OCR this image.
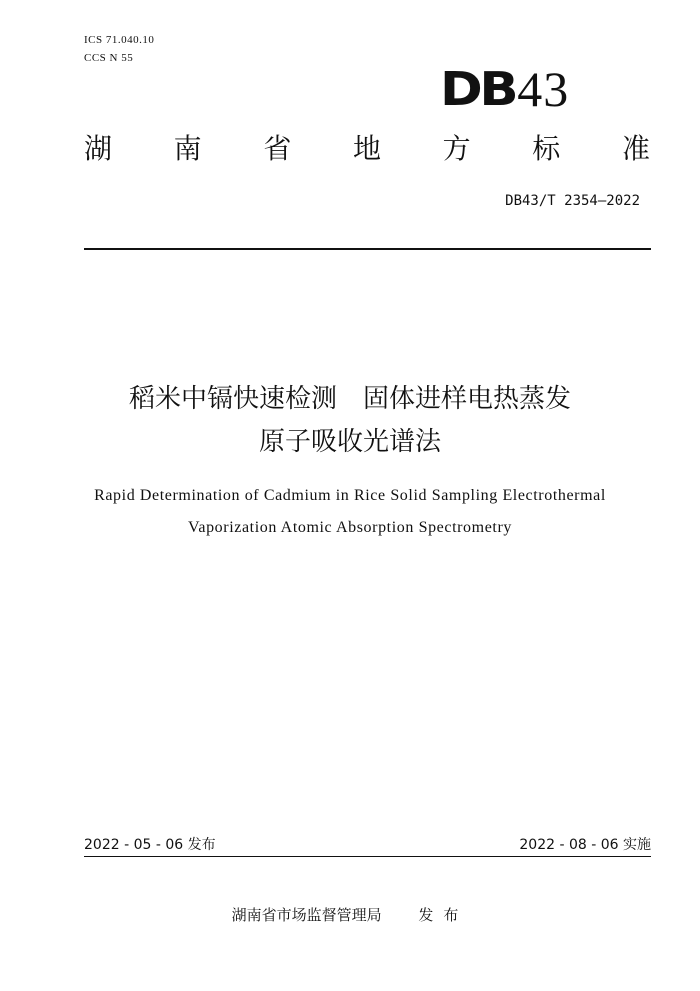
ICS 71.040.10
CCS N 55
DB 43
湖 南 省 地 方 标 准
DB43/T 2354—2022
稻米中镉快速检测　固体进样电热蒸发
原子吸收光谱法
Rapid Determination of Cadmium in Rice Solid Sampling Electrothermal
Vaporization Atomic Absorption Spectrometry
2022 - 05 - 06 发布	2022 - 08 - 06 实施
湖南省市场监督管理局 发布
